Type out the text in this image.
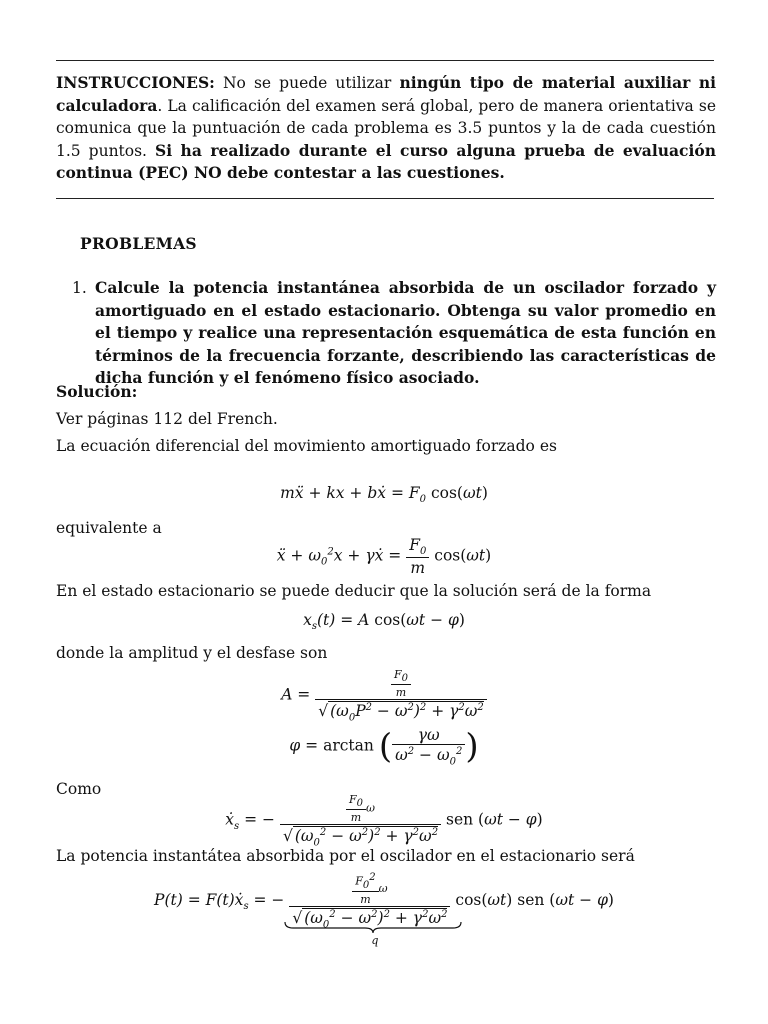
INSTRUCCIONES: No se puede utilizar ningún tipo de material auxiliar ni calculadora. La calificación del examen será global, pero de manera orientativa se comunica que la puntuación de cada problema es 3.5 puntos y la de cada cuestión 1.5 puntos. Si ha realizado durante el curso alguna prueba de evaluación continua (PEC) NO debe contestar a las cuestiones.
PROBLEMAS
1. Calcule la potencia instantánea absorbida de un oscilador forzado y amortiguado en el estado estacionario. Obtenga su valor promedio en el tiempo y realice una representación esquemática de esta función en términos de la frecuencia forzante, describiendo las características de dicha función y el fenómeno físico asociado.
Solución:
Ver páginas 112 del French.
La ecuación diferencial del movimiento amortiguado forzado es
mẍ + kx + bẋ = $F_0$ cos(ωt)
equivalente a
ẍ + $\omega_0^2x$ + γẋ = $\frac{F_0}{m} \cos(\omega t)$
En el estado estacionario se puede deducir que la solución será de la forma
$x_s(t) = A$ cos(ωt − φ)
donde la amplitud y el desfase son
$A = \frac{\frac{F_0}{m}}{√ (\omega_0P^2 - \omega^2)^2 + \gamma^2\omega^2}$
φ = arctan ( $\frac{\gamma\omega}{\omega^2 - \omega_0^2}$ )
Como
ẋ$_s$ = − $\frac{\frac{F_0}{m} \omega}{√ (\omega_0^2 - \omega^2)^2 + \gamma^2\omega^2}$ sen (ωt − φ)
La potencia instantátea absorbida por el oscilador en el estacionario será
P(t) = F(t)ẋ$_s$ = −	$\frac{F_0^2}{m}$ ω
√ $(\omega_0^2 - \omega^2)^2 + \gamma^2\omega^2$
q
cos(ωt) sen (ωt − φ)
